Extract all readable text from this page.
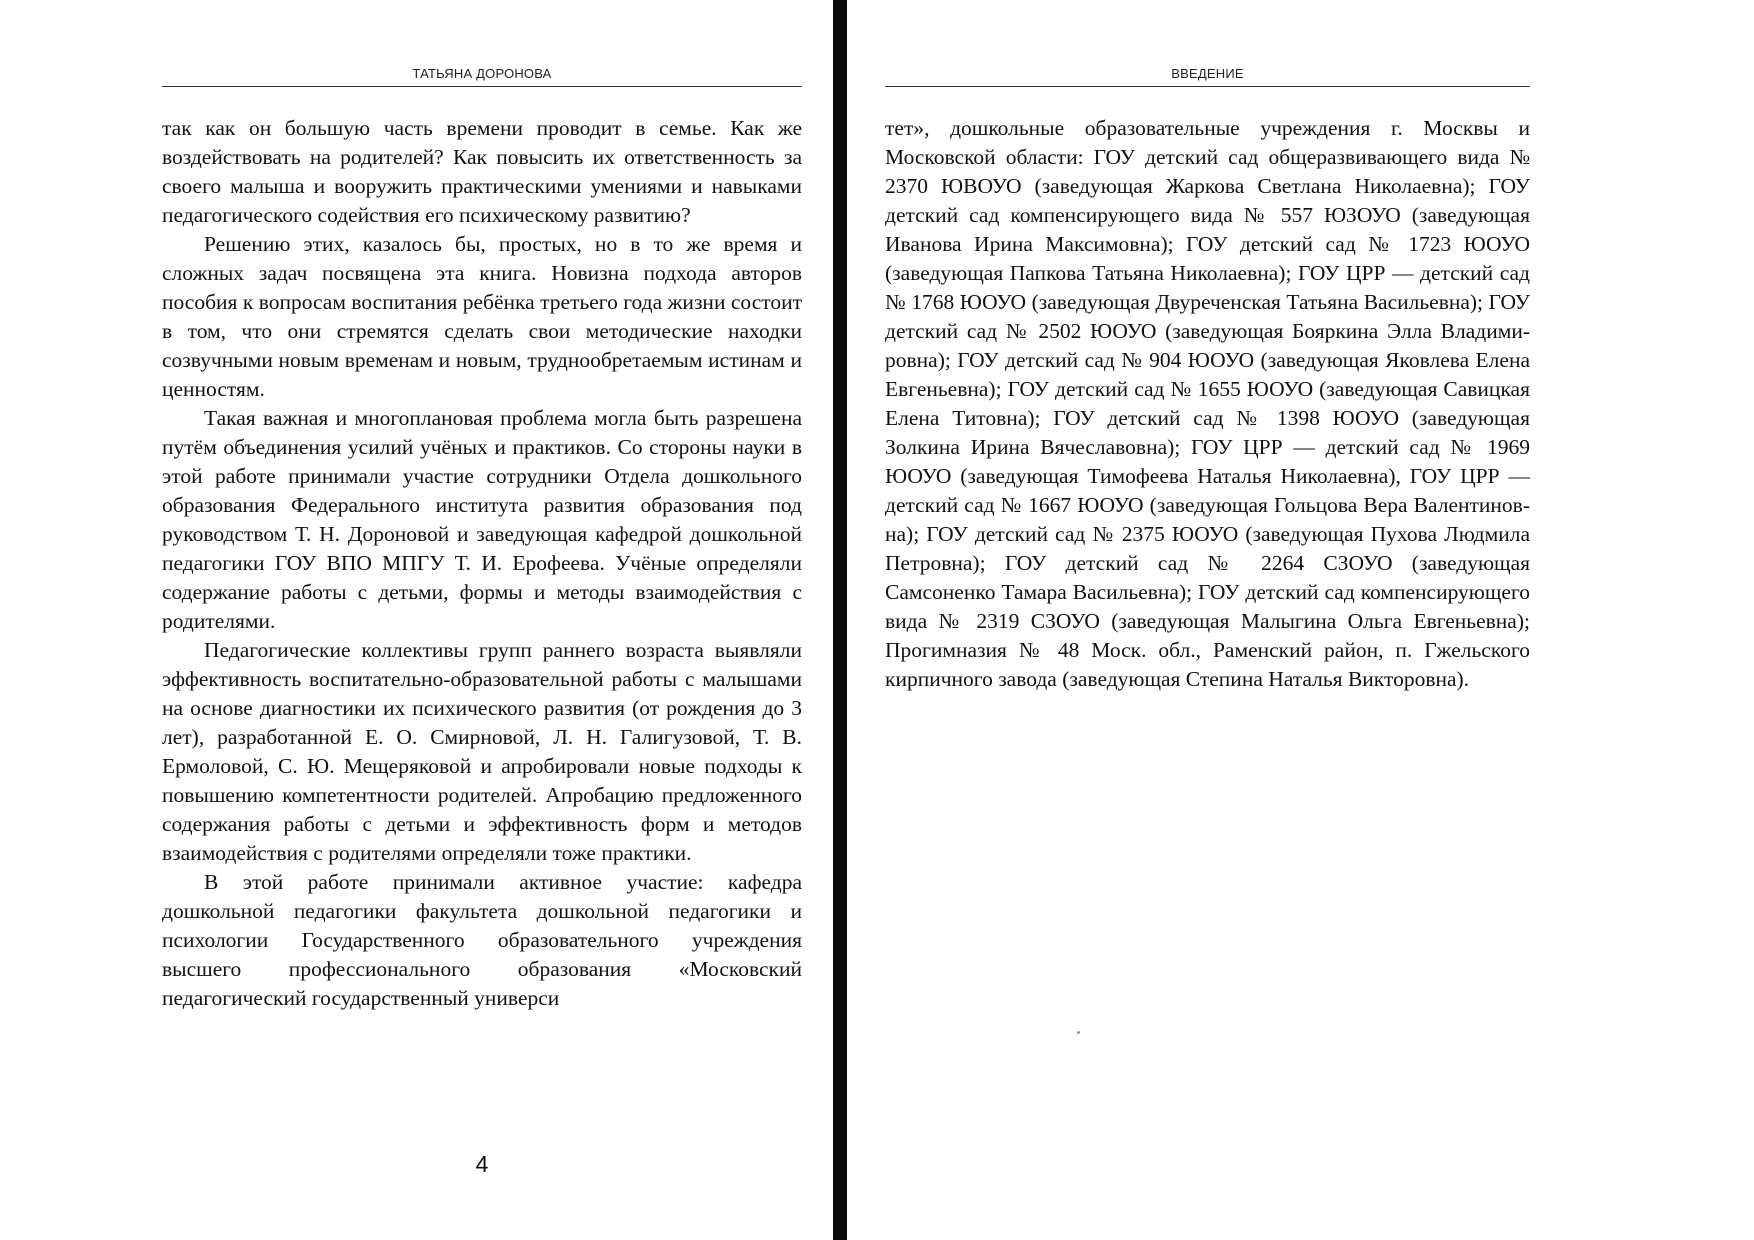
ТАТЬЯНА ДОРОНОВА

так как он большую часть времени проводит в семье. Как же воздействовать на родителей? Как повысить их ответственность за своего малыша и вооружить практическими умениями и навыками педагогического содействия его психическому развитию?

Решению этих, казалось бы, простых, но в то же время и сложных задач посвящена эта книга. Новизна подхода авторов пособия к вопросам воспитания ребёнка третьего года жизни состоит в том, что они стремятся сделать свои методические находки созвучными новым временам и новым, труднообретаемым истинам и ценностям.

Такая важная и многоплановая проблема могла быть разрешена путём объединения усилий учёных и практиков. Со стороны науки в этой работе принимали участие сотрудники Отдела дошкольного образования Федерального института развития образования под руководством Т. Н. Дороновой и заведующая кафедрой дошкольной педагогики ГОУ ВПО МПГУ Т. И. Ерофеева. Учёные определяли содержание работы с детьми, формы и методы взаимодействия с родителями.

Педагогические коллективы групп раннего возраста выявляли эффективность воспитательно-образовательной работы с малышами на основе диагностики их психического развития (от рождения до 3 лет), разработанной Е. О. Смирновой, Л. Н. Галигузовой, Т. В. Ермоловой, С. Ю. Мещеряковой и апробировали новые подходы к повышению компетентности родителей. Апробацию предложенного содержания работы с детьми и эффективность форм и методов взаимодействия с родителями определяли тоже практики.

В этой работе принимали активное участие: кафедра дошкольной педагогики факультета дошкольной педагогики и психологии Государственного образовательного учреждения высшего профессионального образования «Московский педагогический государственный универси

4
ВВЕДЕНИЕ

тет», дошкольные образовательные учреждения г. Москвы и Московской области: ГОУ детский сад общеразвивающего вида № 2370 ЮВОУО (заведующая Жаркова Светлана Николаевна); ГОУ детский сад компенсирующего вида № 557 ЮЗОУО (заведующая Иванова Ирина Максимовна); ГОУ детский сад № 1723 ЮОУО (заведующая Папкова Татьяна Николаевна); ГОУ ЦРР — детский сад № 1768 ЮОУО (заведующая Двуреченская Татьяна Васильевна); ГОУ детский сад № 2502 ЮОУО (заведующая Бояркина Элла Владимировна); ГОУ детский сад № 904 ЮОУО (заведующая Яковлева Елена Евгеньевна); ГОУ детский сад № 1655 ЮОУО (заведующая Савицкая Елена Титовна); ГОУ детский сад № 1398 ЮОУО (заведующая Золкина Ирина Вячеславовна); ГОУ ЦРР — детский сад № 1969 ЮОУО (заведующая Тимофеева Наталья Николаевна), ГОУ ЦРР — детский сад № 1667 ЮОУО (заведующая Гольцова Вера Валентиновна); ГОУ детский сад № 2375 ЮОУО (заведующая Пухова Людмила Петровна); ГОУ детский сад № 2264 СЗОУО (заведующая Самсоненко Тамара Васильевна); ГОУ детский сад компенсирующего вида № 2319 СЗОУО (заведующая Малыгина Ольга Евгеньевна); Прогимназия № 48 Моск. обл., Раменский район, п. Гжельского кирпичного завода (заведующая Степина Наталья Викторовна).
